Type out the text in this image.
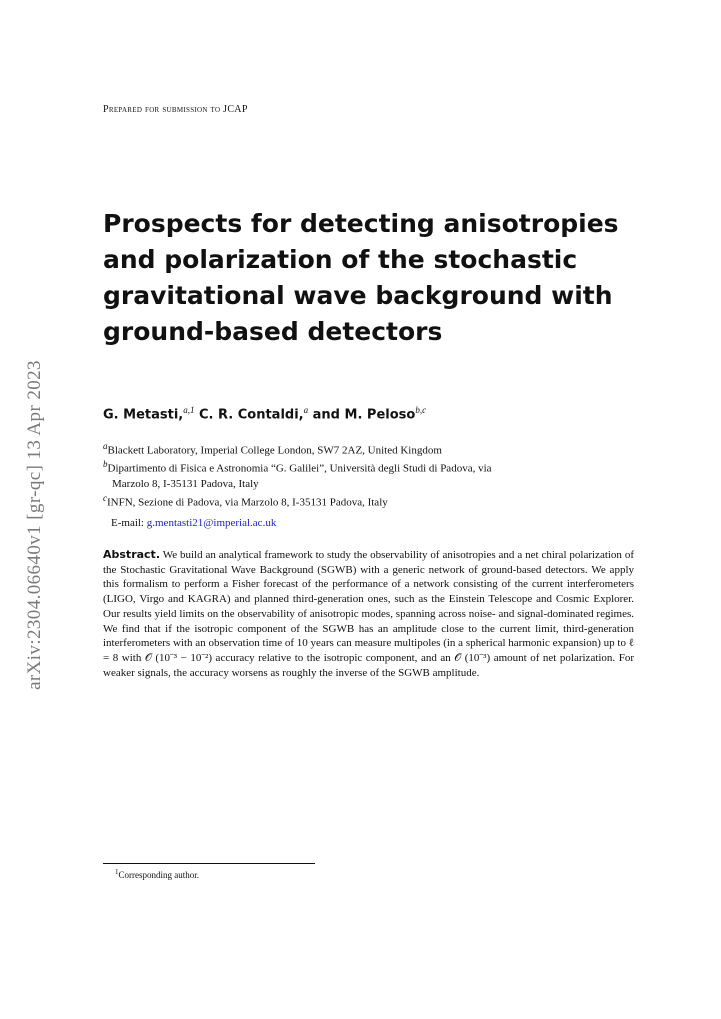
arXiv:2304.06640v1 [gr-qc] 13 Apr 2023
Prepared for submission to JCAP
Prospects for detecting anisotropies
and polarization of the stochastic
gravitational wave background with
ground-based detectors
G. Metasti,$^{a,1}$ C. R. Contaldi,$^a$ and M. Peloso$^{b,c}$
$^a$Blackett Laboratory, Imperial College London, SW7 2AZ, United Kingdom
$^b$Dipartimento di Fisica e Astronomia “G. Galilei”, Università degli Studi di Padova, via
Marzolo 8, I-35131 Padova, Italy
$^c$INFN, Sezione di Padova, via Marzolo 8, I-35131 Padova, Italy
E-mail: g.mentasti21@imperial.ac.uk

Abstract. We build an analytical framework to study the observability of anisotropies and a net chiral polarization of the Stochastic Gravitational Wave Background (SGWB) with a generic network of ground-based detectors. We apply this formalism to perform a Fisher forecast of the performance of a network consisting of the current interferometers (LIGO, Virgo and KAGRA) and planned third-generation ones, such as the Einstein Telescope and Cosmic Explorer. Our results yield limits on the observability of anisotropic modes, spanning across noise- and signal-dominated regimes. We find that if the isotropic component of the SGWB has an amplitude close to the current limit, third-generation interferometers with an observation time of 10 years can measure multipoles (in a spherical harmonic expansion) up to ℓ = 8 with 𝒪 (10⁻³ − 10⁻²) accuracy relative to the isotropic component, and an 𝒪 (10⁻³) amount of net polarization. For weaker signals, the accuracy worsens as roughly the inverse of the SGWB amplitude.

$^1$Corresponding author.
